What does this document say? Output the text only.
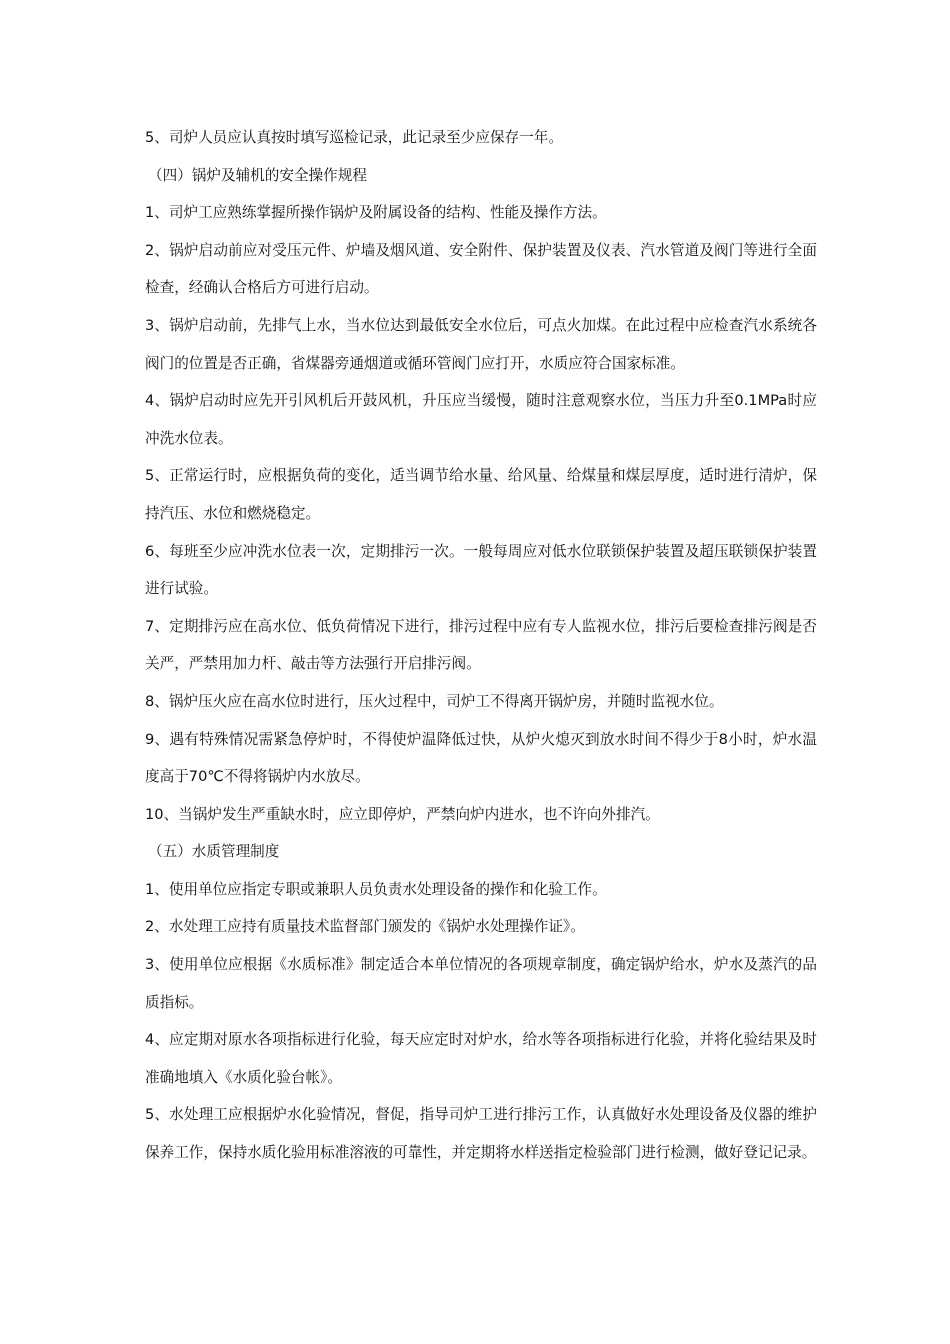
5、司炉人员应认真按时填写巡检记录，此记录至少应保存一年。

（四）锅炉及辅机的安全操作规程

1、司炉工应熟练掌握所操作锅炉及附属设备的结构、性能及操作方法。

2、锅炉启动前应对受压元件、炉墙及烟风道、安全附件、保护装置及仪表、汽水管道及阀门等进行全面检查，经确认合格后方可进行启动。

3、锅炉启动前，先排气上水，当水位达到最低安全水位后，可点火加煤。在此过程中应检查汽水系统各阀门的位置是否正确，省煤器旁通烟道或循环管阀门应打开，水质应符合国家标准。

4、锅炉启动时应先开引风机后开鼓风机，升压应当缓慢，随时注意观察水位，当压力升至0.1MPa时应冲洗水位表。

5、正常运行时，应根据负荷的变化，适当调节给水量、给风量、给煤量和煤层厚度，适时进行清炉，保持汽压、水位和燃烧稳定。

6、每班至少应冲洗水位表一次，定期排污一次。一般每周应对低水位联锁保护装置及超压联锁保护装置进行试验。

7、定期排污应在高水位、低负荷情况下进行，排污过程中应有专人监视水位，排污后要检查排污阀是否关严，严禁用加力杆、敲击等方法强行开启排污阀。

8、锅炉压火应在高水位时进行，压火过程中，司炉工不得离开锅炉房，并随时监视水位。

9、遇有特殊情况需紧急停炉时，不得使炉温降低过快，从炉火熄灭到放水时间不得少于8小时，炉水温度高于70℃不得将锅炉内水放尽。

10、当锅炉发生严重缺水时，应立即停炉，严禁向炉内进水，也不许向外排汽。

（五）水质管理制度

1、使用单位应指定专职或兼职人员负责水处理设备的操作和化验工作。

2、水处理工应持有质量技术监督部门颁发的《锅炉水处理操作证》。

3、使用单位应根据《水质标准》制定适合本单位情况的各项规章制度，确定锅炉给水，炉水及蒸汽的品质指标。

4、应定期对原水各项指标进行化验，每天应定时对炉水，给水等各项指标进行化验，并将化验结果及时准确地填入《水质化验台帐》。

5、水处理工应根据炉水化验情况，督促，指导司炉工进行排污工作，认真做好水处理设备及仪器的维护保养工作，保持水质化验用标准溶液的可靠性，并定期将水样送指定检验部门进行检测，做好登记记录。
